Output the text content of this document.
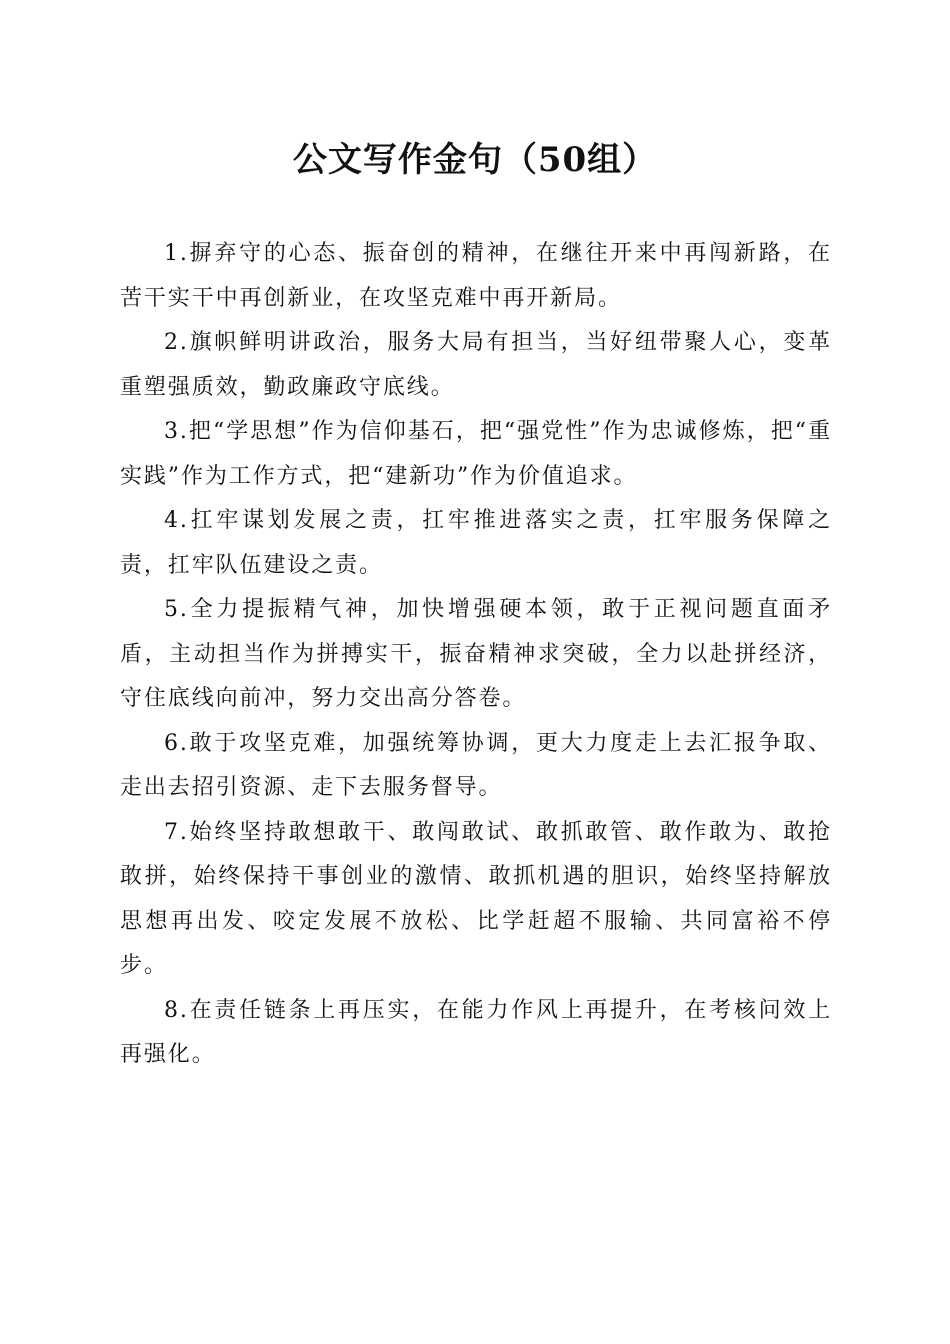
公文写作金句（50组）

1.摒弃守的心态、振奋创的精神，在继往开来中再闯新路，在苦干实干中再创新业，在攻坚克难中再开新局。

2.旗帜鲜明讲政治，服务大局有担当，当好纽带聚人心，变革重塑强质效，勤政廉政守底线。

3.把“学思想”作为信仰基石，把“强党性”作为忠诚修炼，把“重实践”作为工作方式，把“建新功”作为价值追求。

4.扛牢谋划发展之责，扛牢推进落实之责，扛牢服务保障之责，扛牢队伍建设之责。

5.全力提振精气神，加快增强硬本领，敢于正视问题直面矛盾，主动担当作为拼搏实干，振奋精神求突破，全力以赴拼经济，守住底线向前冲，努力交出高分答卷。

6.敢于攻坚克难，加强统筹协调，更大力度走上去汇报争取、走出去招引资源、走下去服务督导。

7.始终坚持敢想敢干、敢闯敢试、敢抓敢管、敢作敢为、敢抢敢拼，始终保持干事创业的激情、敢抓机遇的胆识，始终坚持解放思想再出发、咬定发展不放松、比学赶超不服输、共同富裕不停步。

8.在责任链条上再压实，在能力作风上再提升，在考核问效上再强化。
